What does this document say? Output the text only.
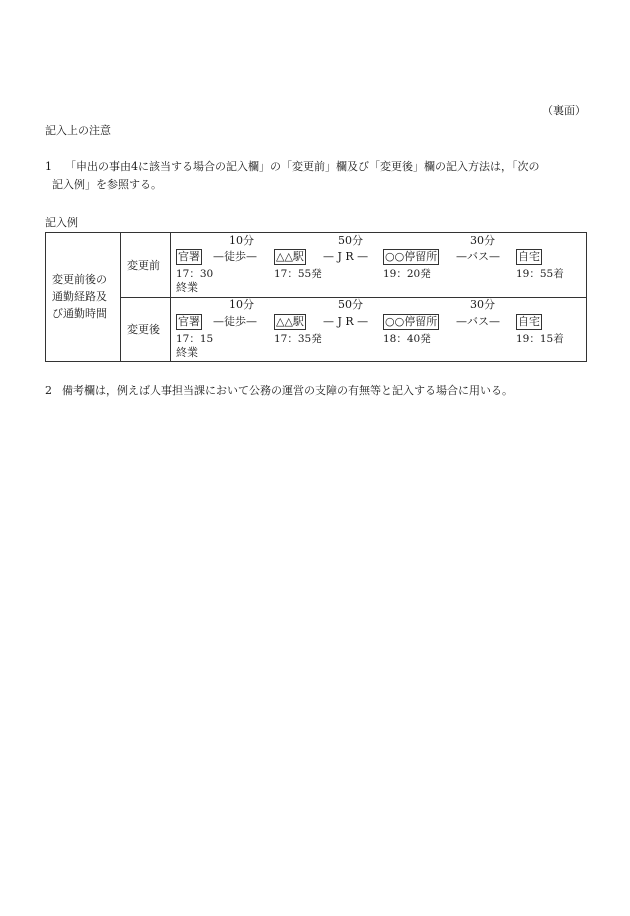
（裏面）
記入上の注意
1 「申出の事由4に該当する場合の記入欄」の「変更前」欄及び「変更後」欄の記入方法は，「次の
記入例」を参照する。
記入例
変更前後の
通勤経路及
び通勤時間
変更前
10分	50分	30分
官署 —徒歩— △△駅 — J R — ○○停留所 —バス— 自宅
17：30	17：55発	19：20発	19：55着
終業
変更後
10分	50分	30分
官署 —徒歩— △△駅 — J R — ○○停留所 —バス— 自宅
17：15	17：35発	18：40発	19：15着
終業
2 備考欄は，例えば人事担当課において公務の運営の支障の有無等と記入する場合に用いる。
